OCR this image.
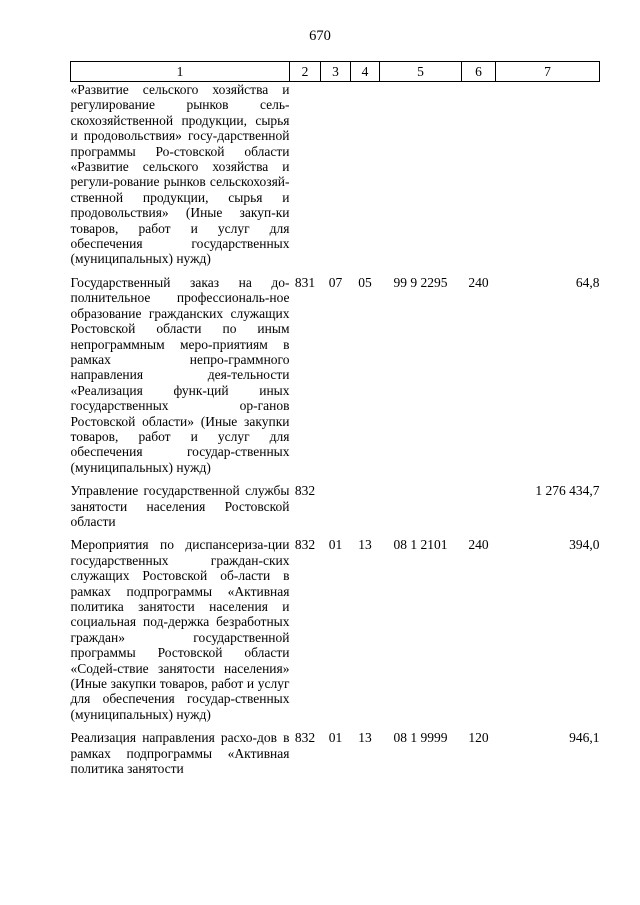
670
1	2	3	4	5	6	7
«Развитие сельского хозяйства и регулирование рынков сель-скохозяйственной продукции, сырья и продовольствия» госу-дарственной программы Ро-стовской области «Развитие сельского хозяйства и регули-рование рынков сельскохозяй-ственной продукции, сырья и продовольствия» (Иные закуп-ки товаров, работ и услуг для обеспечения государственных (муниципальных) нужд)						

Государственный заказ на до-полнительное профессиональ-ное образование гражданских служащих Ростовской области по иным непрограммным меро-приятиям в рамках непро-граммного направления дея-тельности «Реализация функ-ций иных государственных ор-ганов Ростовской области» (Иные закупки товаров, работ и услуг для обеспечения государ-ственных (муниципальных) нужд)	831	07	05	99 9 2295	240	64,8

Управление государственной службы занятости населения Ростовской области	832					1 276 434,7

Мероприятия по диспансериза-ции государственных граждан-ских служащих Ростовской об-ласти в рамках подпрограммы «Активная политика занятости населения и социальная под-держка безработных граждан» государственной программы Ростовской области «Содей-ствие занятости населения» (Иные закупки товаров, работ и услуг для обеспечения государ-ственных (муниципальных) нужд)	832	01	13	08 1 2101	240	394,0

Реализация направления расхо-дов в рамках подпрограммы «Активная политика занятости	832	01	13	08 1 9999	120	946,1
